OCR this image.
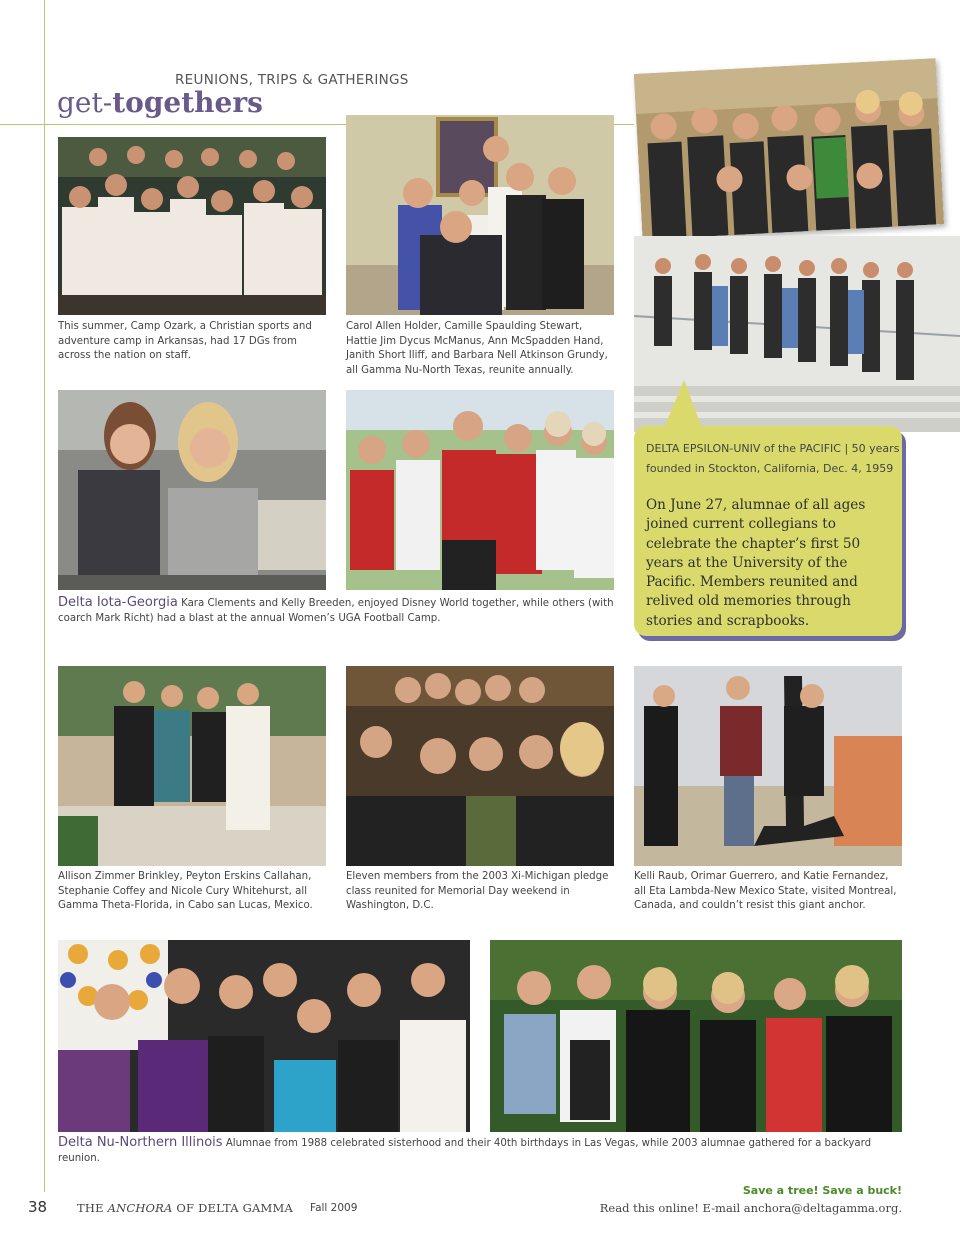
REUNIONS, TRIPS & GATHERINGS
get-togethers
DELTA EPSILON-UNIV of the PACIFIC | 50 years
founded in Stockton, California, Dec. 4, 1959
On June 27, alumnae of all ages joined current collegians to celebrate the chapter’s first 50 years at the University of the Pacific. Members reunited and relived old memories through stories and scrapbooks.
This summer, Camp Ozark, a Christian sports and adventure camp in Arkansas, had 17 DGs from across the nation on staff.
Carol Allen Holder, Camille Spaulding Stewart, Hattie Jim Dycus McManus, Ann McSpadden Hand, Janith Short Iliff, and Barbara Nell Atkinson Grundy, all Gamma Nu-North Texas, reunite annually.
Delta Iota-Georgia Kara Clements and Kelly Breeden, enjoyed Disney World together, while others (with coarch Mark Richt) had a blast at the annual Women’s UGA Football Camp.
Allison Zimmer Brinkley, Peyton Erskins Callahan, Stephanie Coffey and Nicole Cury Whitehurst, all Gamma Theta-Florida, in Cabo san Lucas, Mexico.
Eleven members from the 2003 Xi-Michigan pledge class reunited for Memorial Day weekend in Washington, D.C.
Kelli Raub, Orimar Guerrero, and Katie Fernandez, all Eta Lambda-New Mexico State, visited Montreal, Canada, and couldn’t resist this giant anchor.
Delta Nu-Northern Illinois Alumnae from 1988 celebrated sisterhood and their 40th birthdays in Las Vegas, while 2003 alumnae gathered for a backyard reunion.
38	THE ANCHORA OF DELTA GAMMA Fall 2009
Save a tree! Save a buck!
Read this online! E-mail anchora@deltagamma.org.
